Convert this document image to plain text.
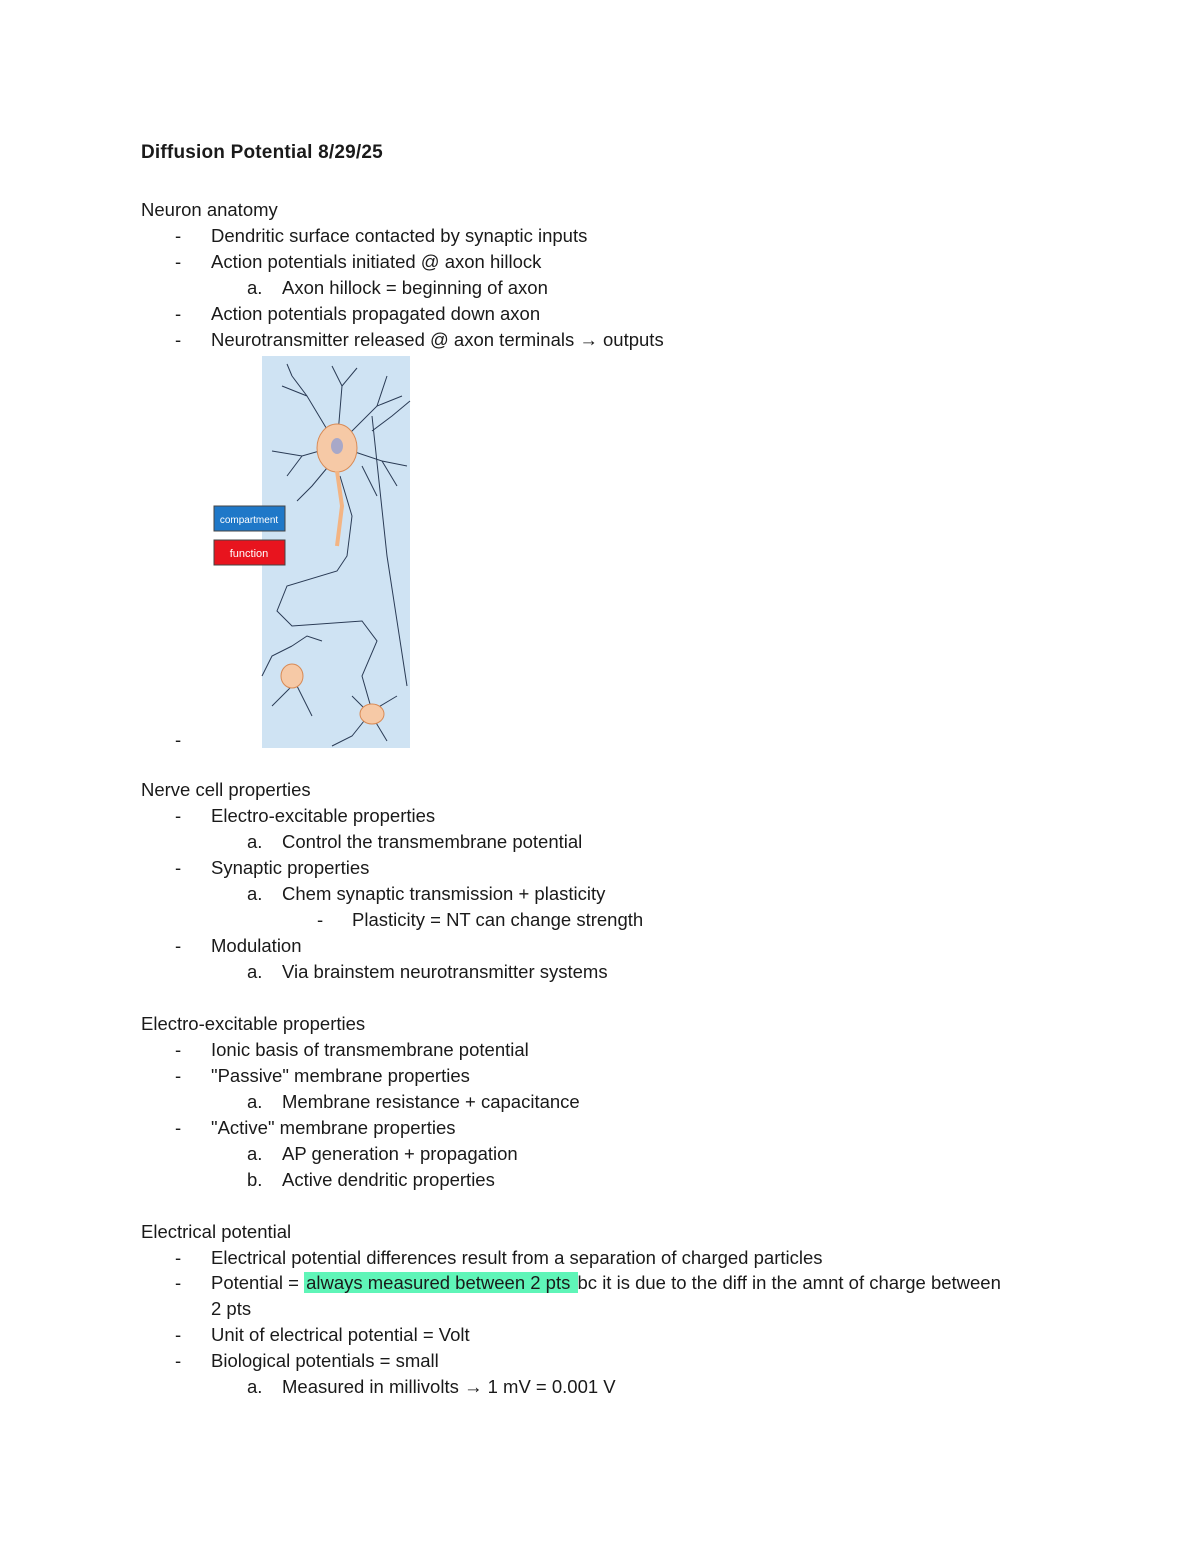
Diffusion Potential 8/29/25
Neuron anatomy
- Dendritic surface contacted by synaptic inputs
- Action potentials initiated @ axon hillock
a. Axon hillock = beginning of axon
- Action potentials propagated down axon
- Neurotransmitter released @ axon terminals → outputs
compartment
function
-
Nerve cell properties
- Electro-excitable properties
a. Control the transmembrane potential
- Synaptic properties
a. Chem synaptic transmission + plasticity
- Plasticity = NT can change strength
- Modulation
a. Via brainstem neurotransmitter systems
Electro-excitable properties
- Ionic basis of transmembrane potential
- "Passive" membrane properties
a. Membrane resistance + capacitance
- "Active" membrane properties
a. AP generation + propagation
b. Active dendritic properties
Electrical potential
- Electrical potential differences result from a separation of charged particles
- Potential = always measured between 2 pts bc it is due to the diff in the amnt of charge between
2 pts
- Unit of electrical potential = Volt
- Biological potentials = small
a. Measured in millivolts → 1 mV = 0.001 V
